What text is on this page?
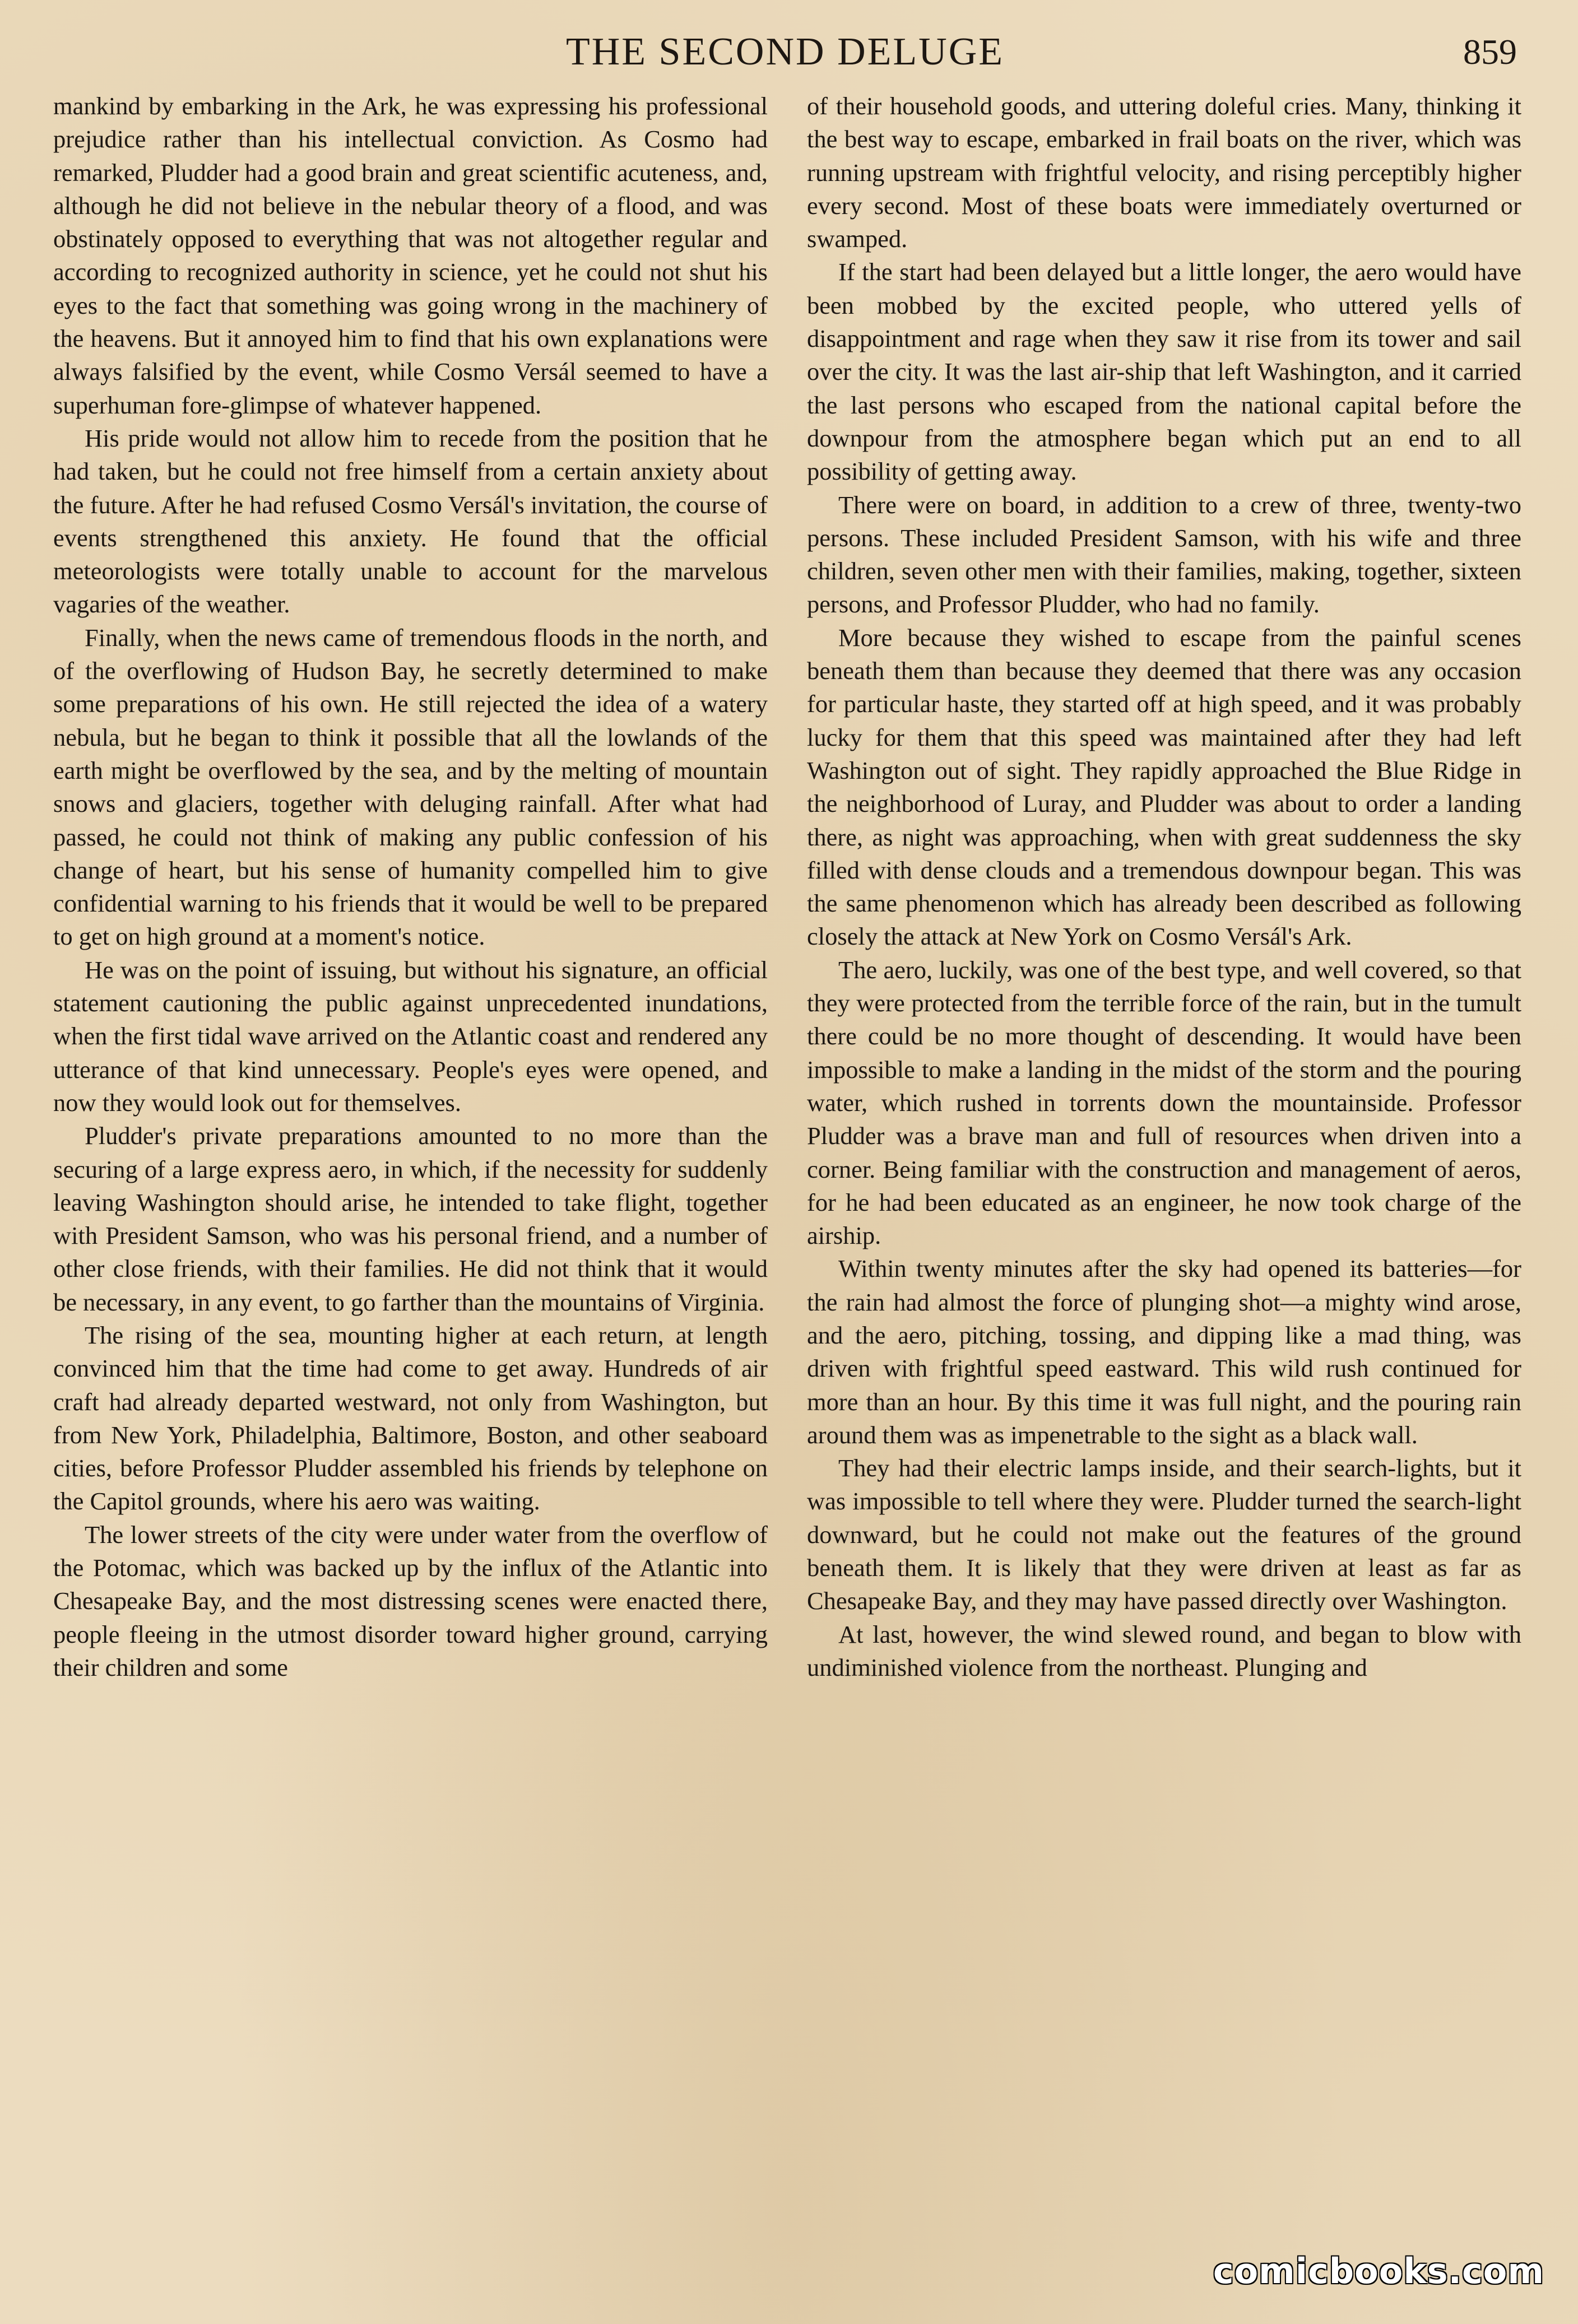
THE SECOND DELUGE	859

mankind by embarking in the Ark, he was expressing his professional prejudice rather than his intellectual conviction. As Cosmo had remarked, Pludder had a good brain and great scientific acuteness, and, although he did not believe in the nebular theory of a flood, and was obstinately opposed to everything that was not altogether regular and according to recognized authority in science, yet he could not shut his eyes to the fact that something was going wrong in the machinery of the heavens. But it annoyed him to find that his own explanations were always falsified by the event, while Cosmo Versál seemed to have a superhuman fore-glimpse of whatever happened.

His pride would not allow him to recede from the position that he had taken, but he could not free himself from a certain anxiety about the future. After he had refused Cosmo Versál's invitation, the course of events strengthened this anxiety. He found that the official meteorologists were totally unable to account for the marvelous vagaries of the weather.

Finally, when the news came of tremendous floods in the north, and of the overflowing of Hudson Bay, he secretly determined to make some preparations of his own. He still rejected the idea of a watery nebula, but he began to think it possible that all the lowlands of the earth might be overflowed by the sea, and by the melting of mountain snows and glaciers, together with deluging rainfall. After what had passed, he could not think of making any public confession of his change of heart, but his sense of humanity compelled him to give confidential warning to his friends that it would be well to be prepared to get on high ground at a moment's notice.

He was on the point of issuing, but without his signature, an official statement cautioning the public against unprecedented inundations, when the first tidal wave arrived on the Atlantic coast and rendered any utterance of that kind unnecessary. People's eyes were opened, and now they would look out for themselves.

Pludder's private preparations amounted to no more than the securing of a large express aero, in which, if the necessity for suddenly leaving Washington should arise, he intended to take flight, together with President Samson, who was his personal friend, and a number of other close friends, with their families. He did not think that it would be necessary, in any event, to go farther than the mountains of Virginia.

The rising of the sea, mounting higher at each return, at length convinced him that the time had come to get away. Hundreds of air craft had already departed westward, not only from Washington, but from New York, Philadelphia, Baltimore, Boston, and other seaboard cities, before Professor Pludder assembled his friends by telephone on the Capitol grounds, where his aero was waiting.

The lower streets of the city were under water from the overflow of the Potomac, which was backed up by the influx of the Atlantic into Chesapeake Bay, and the most distressing scenes were enacted there, people fleeing in the utmost disorder toward higher ground, carrying their children and some

of their household goods, and uttering doleful cries. Many, thinking it the best way to escape, embarked in frail boats on the river, which was running upstream with frightful velocity, and rising perceptibly higher every second. Most of these boats were immediately overturned or swamped.

If the start had been delayed but a little longer, the aero would have been mobbed by the excited people, who uttered yells of disappointment and rage when they saw it rise from its tower and sail over the city. It was the last air-ship that left Washington, and it carried the last persons who escaped from the national capital before the downpour from the atmosphere began which put an end to all possibility of getting away.

There were on board, in addition to a crew of three, twenty-two persons. These included President Samson, with his wife and three children, seven other men with their families, making, together, sixteen persons, and Professor Pludder, who had no family.

More because they wished to escape from the painful scenes beneath them than because they deemed that there was any occasion for particular haste, they started off at high speed, and it was probably lucky for them that this speed was maintained after they had left Washington out of sight. They rapidly approached the Blue Ridge in the neighborhood of Luray, and Pludder was about to order a landing there, as night was approaching, when with great suddenness the sky filled with dense clouds and a tremendous downpour began. This was the same phenomenon which has already been described as following closely the attack at New York on Cosmo Versál's Ark.

The aero, luckily, was one of the best type, and well covered, so that they were protected from the terrible force of the rain, but in the tumult there could be no more thought of descending. It would have been impossible to make a landing in the midst of the storm and the pouring water, which rushed in torrents down the mountainside. Professor Pludder was a brave man and full of resources when driven into a corner. Being familiar with the construction and management of aeros, for he had been educated as an engineer, he now took charge of the airship.

Within twenty minutes after the sky had opened its batteries—for the rain had almost the force of plunging shot—a mighty wind arose, and the aero, pitching, tossing, and dipping like a mad thing, was driven with frightful speed eastward. This wild rush continued for more than an hour. By this time it was full night, and the pouring rain around them was as impenetrable to the sight as a black wall.

They had their electric lamps inside, and their search-lights, but it was impossible to tell where they were. Pludder turned the search-light downward, but he could not make out the features of the ground beneath them. It is likely that they were driven at least as far as Chesapeake Bay, and they may have passed directly over Washington.

At last, however, the wind slewed round, and began to blow with undiminished violence from the northeast. Plunging and

comicbooks.com
